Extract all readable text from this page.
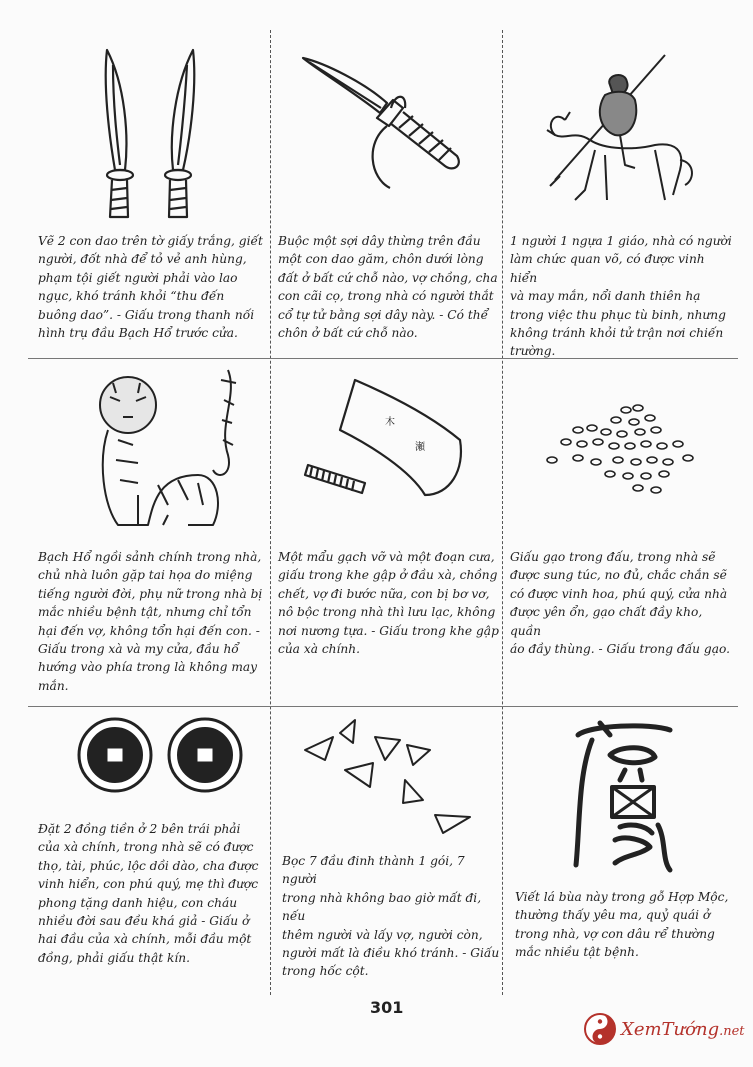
Vẽ 2 con dao trên tờ giấy trắng, giết
người, đốt nhà để tỏ vẻ anh hùng,
phạm tội giết người phải vào lao
ngục, khó tránh khỏi “thu đến
buông dao”. - Giấu trong thanh nối
hình trụ đầu Bạch Hổ trước cửa.

Buộc một sợi dây thừng trên đầu
một con dao găm, chôn dưới lòng
đất ở bất cứ chỗ nào, vợ chồng, cha
con cãi cọ, trong nhà có người thắt
cổ tự tử bằng sợi dây này. - Có thể
chôn ở bất cứ chỗ nào.

1 người 1 ngựa 1 giáo, nhà có người
làm chức quan võ, có được vinh hiển
và may mắn, nổi danh thiên hạ
trong việc thu phục tù binh, nhưng
không tránh khỏi tử trận nơi chiến
trường.

Bạch Hổ ngồi sảnh chính trong nhà,
chủ nhà luôn gặp tai họa do miệng
tiếng người đời, phụ nữ trong nhà bị
mắc nhiều bệnh tật, nhưng chỉ tổn
hại đến vợ, không tổn hại đến con. -
Giấu trong xà và my cửa, đầu hổ
hướng vào phía trong là không may
mắn.

木
瀬

Một mẩu gạch vỡ và một đoạn cưa,
giấu trong khe gập ở đầu xà, chồng
chết, vợ đi bước nữa, con bị bơ vơ,
nô bộc trong nhà thì lưu lạc, không
nơi nương tựa. - Giấu trong khe gập
của xà chính.

Giấu gạo trong đấu, trong nhà sẽ
được sung túc, no đủ, chắc chắn sẽ
có được vinh hoa, phú quý, cửa nhà
được yên ổn, gạo chất đầy kho, quần
áo đầy thùng. - Giấu trong đấu gạo.

Đặt 2 đồng tiền ở 2 bên trái phải
của xà chính, trong nhà sẽ có được
thọ, tài, phúc, lộc dồi dào, cha được
vinh hiển, con phú quý, mẹ thì được
phong tặng danh hiệu, con cháu
nhiều đời sau đều khá giả - Giấu ở
hai đầu của xà chính, mỗi đầu một
đồng, phải giấu thật kín.

Bọc 7 đầu đinh thành 1 gói, 7 người
trong nhà không bao giờ mất đi, nếu
thêm người và lấy vợ, người còn,
người mất là điều khó tránh. - Giấu
trong hốc cột.

Viết lá bùa này trong gỗ Hợp Mộc,
thường thấy yêu ma, quỷ quái ở
trong nhà, vợ con dâu rể thường
mắc nhiều tật bệnh.

301
XemTướng.net
